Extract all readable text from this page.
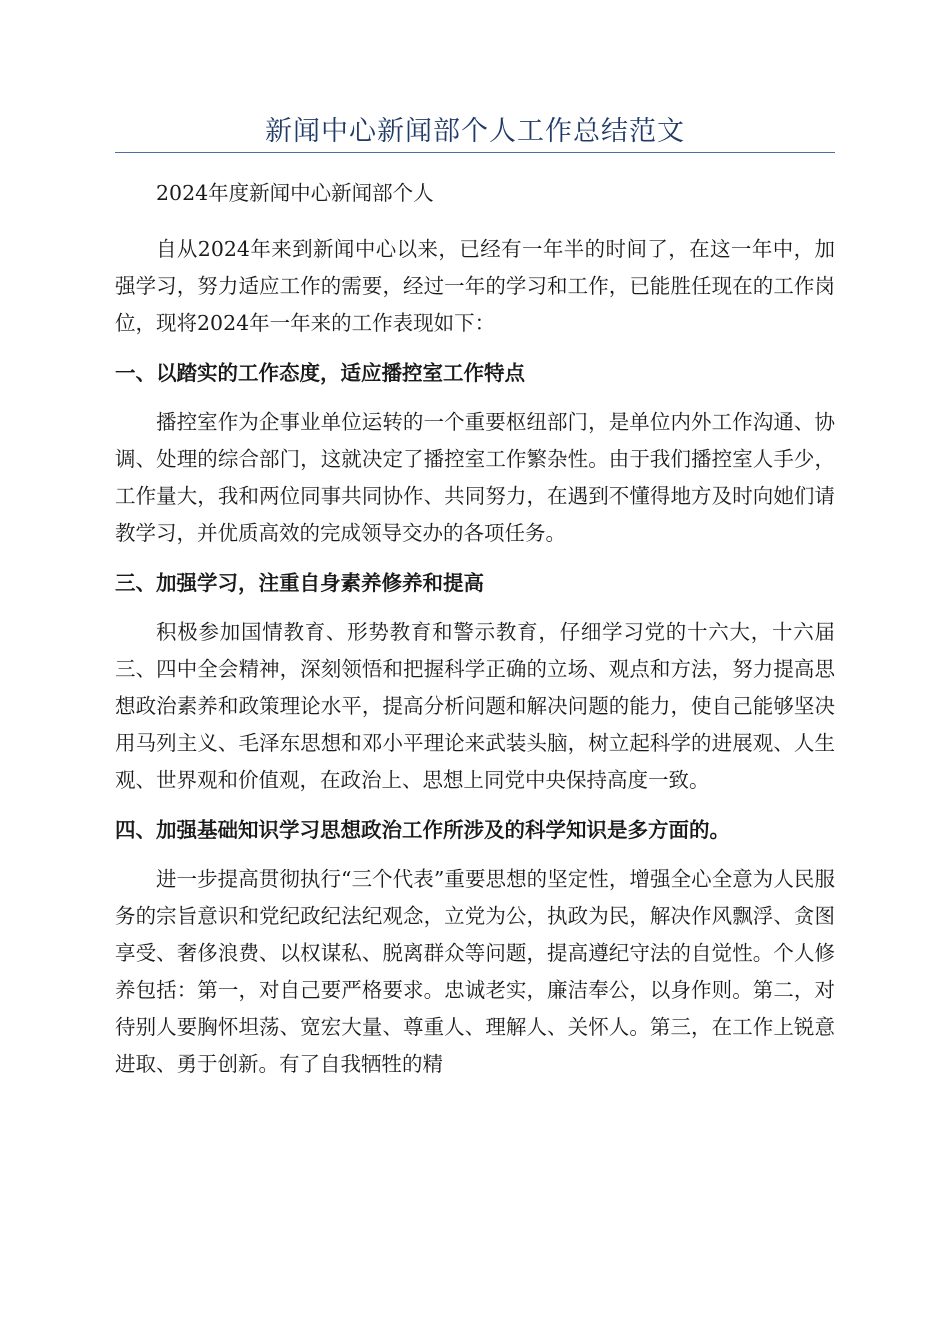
新闻中心新闻部个人工作总结范文

2024年度新闻中心新闻部个人

自从2024年来到新闻中心以来，已经有一年半的时间了，在这一年中，加强学习，努力适应工作的需要，经过一年的学习和工作，已能胜任现在的工作岗位，现将2024年一年来的工作表现如下：

一、以踏实的工作态度，适应播控室工作特点

播控室作为企事业单位运转的一个重要枢纽部门，是单位内外工作沟通、协调、处理的综合部门，这就决定了播控室工作繁杂性。由于我们播控室人手少，工作量大，我和两位同事共同协作、共同努力，在遇到不懂得地方及时向她们请教学习，并优质高效的完成领导交办的各项任务。

三、加强学习，注重自身素养修养和提高

积极参加国情教育、形势教育和警示教育，仔细学习党的十六大，十六届三、四中全会精神，深刻领悟和把握科学正确的立场、观点和方法，努力提高思想政治素养和政策理论水平，提高分析问题和解决问题的能力，使自己能够坚决用马列主义、毛泽东思想和邓小平理论来武装头脑，树立起科学的进展观、人生观、世界观和价值观，在政治上、思想上同党中央保持高度一致。

四、加强基础知识学习思想政治工作所涉及的科学知识是多方面的。

进一步提高贯彻执行“三个代表”重要思想的坚定性，增强全心全意为人民服务的宗旨意识和党纪政纪法纪观念，立党为公，执政为民，解决作风飘浮、贪图享受、奢侈浪费、以权谋私、脱离群众等问题，提高遵纪守法的自觉性。个人修养包括：第一，对自己要严格要求。忠诚老实，廉洁奉公，以身作则。第二，对待别人要胸怀坦荡、宽宏大量、尊重人、理解人、关怀人。第三，在工作上锐意进取、勇于创新。有了自我牺牲的精
